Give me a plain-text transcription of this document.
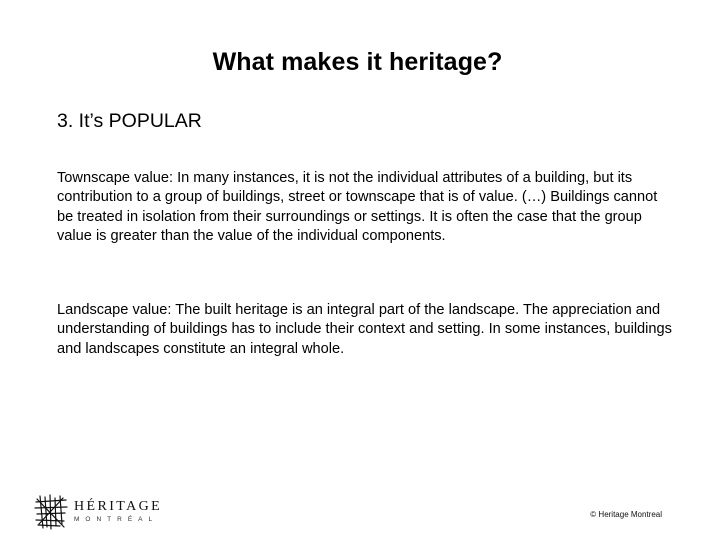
What makes it heritage?
3. It’s POPULAR
Townscape value: In many instances, it is not the individual attributes of a building, but its contribution to a group of buildings, street or townscape that is of value. (…) Buildings cannot be treated in isolation from their surroundings or settings. It is often the case that the group value is greater than the value of the individual components.
Landscape value: The built heritage is an integral part of the landscape. The appreciation and understanding of buildings has to include their context and setting. In some instances, buildings and landscapes constitute an integral whole.
HÉRITAGE
MONTRÉAL
© Heritage Montreal
